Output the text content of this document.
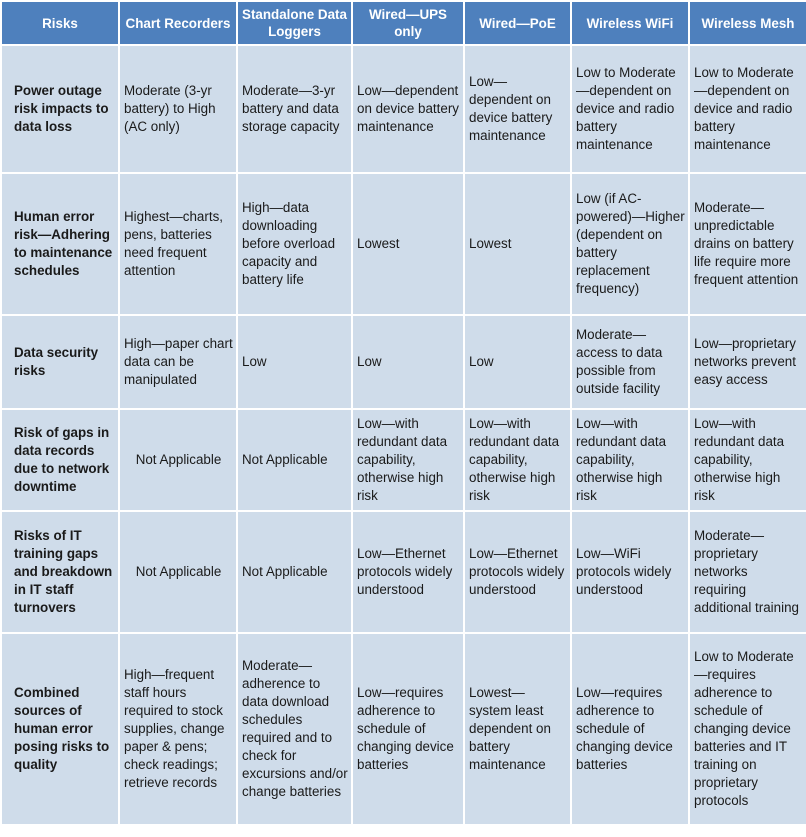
Risks	Chart Recorders	Standalone Data Loggers	Wired—UPS only	Wired—PoE	Wireless WiFi	Wireless Mesh
Power outage risk impacts to data loss	Moderate (3-yr battery) to High (AC only)	Moderate—3-yr battery and data storage capacity	Low—dependent on device battery maintenance	Low—dependent on device battery maintenance	Low to Moderate—dependent on device and radio battery maintenance	Low to Moderate—dependent on device and radio battery maintenance
Human error risk—Adhering to maintenance schedules	Highest—charts, pens, batteries need frequent attention	High—data downloading before overload capacity and battery life	Lowest	Lowest	Low (if AC-powered)—Higher (dependent on battery replacement frequency)	Moderate—unpredictable drains on battery life require more frequent attention
Data security risks	High—paper chart data can be manipulated	Low	Low	Low	Moderate—access to data possible from outside facility	Low—proprietary networks prevent easy access
Risk of gaps in data records due to network downtime	Not Applicable	Not Applicable	Low—with redundant data capability, otherwise high risk	Low—with redundant data capability, otherwise high risk	Low—with redundant data capability, otherwise high risk	Low—with redundant data capability, otherwise high risk
Risks of IT training gaps and breakdown in IT staff turnovers	Not Applicable	Not Applicable	Low—Ethernet protocols widely understood	Low—Ethernet protocols widely understood	Low—WiFi protocols widely understood	Moderate—proprietary networks requiring additional training
Combined sources of human error posing risks to quality	High—frequent staff hours required to stock supplies, change paper & pens; check readings; retrieve records	Moderate—adherence to data download schedules required and to check for excursions and/or change batteries	Low—requires adherence to schedule of changing device batteries	Lowest—system least dependent on battery maintenance	Low—requires adherence to schedule of changing device batteries	Low to Moderate—requires adherence to schedule of changing device batteries and IT training on proprietary protocols
